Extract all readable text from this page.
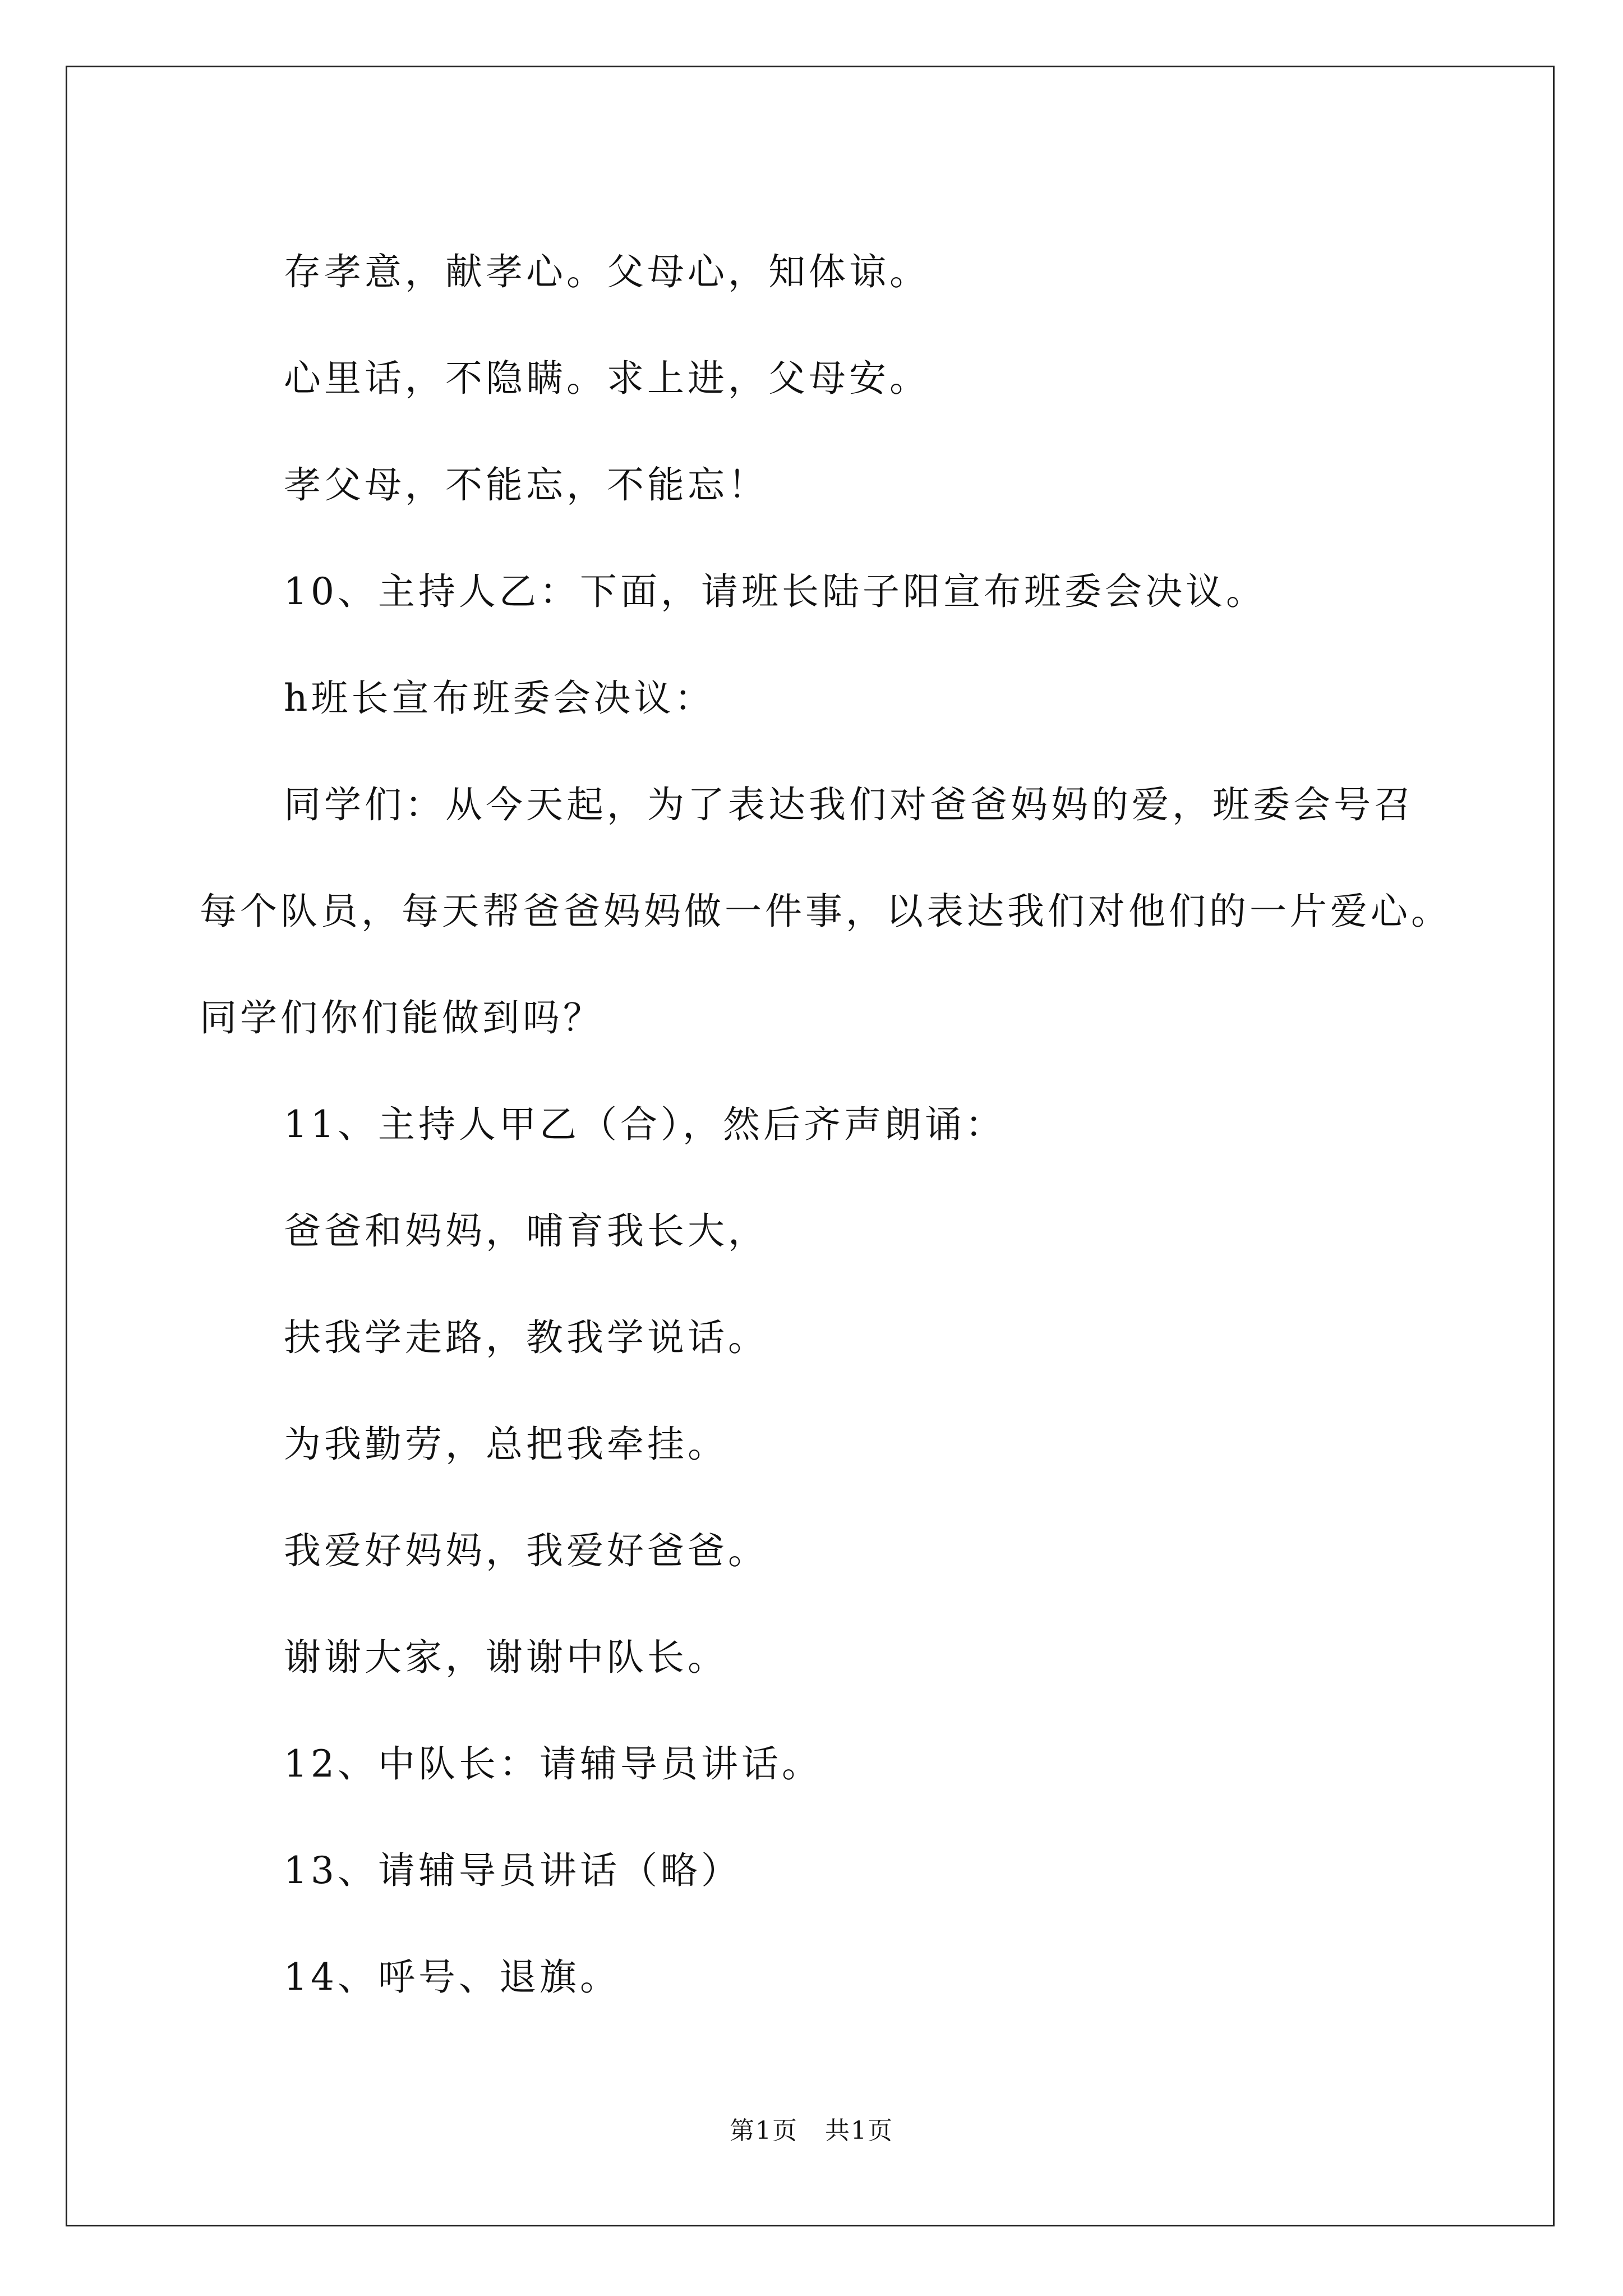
存孝意，献孝心。父母心，知体谅。

心里话，不隐瞒。求上进，父母安。

孝父母，不能忘，不能忘！

10、主持人乙：下面，请班长陆子阳宣布班委会决议。

h班长宣布班委会决议：

同学们：从今天起，为了表达我们对爸爸妈妈的爱，班委会号召

每个队员，每天帮爸爸妈妈做一件事，以表达我们对他们的一片爱心。

同学们你们能做到吗？

11、主持人甲乙（合），然后齐声朗诵：

爸爸和妈妈，哺育我长大，

扶我学走路，教我学说话。

为我勤劳，总把我牵挂。

我爱好妈妈，我爱好爸爸。

谢谢大家，谢谢中队长。

12、中队长：请辅导员讲话。

13、请辅导员讲话（略）

14、呼号、退旗。

第1页 共1页
